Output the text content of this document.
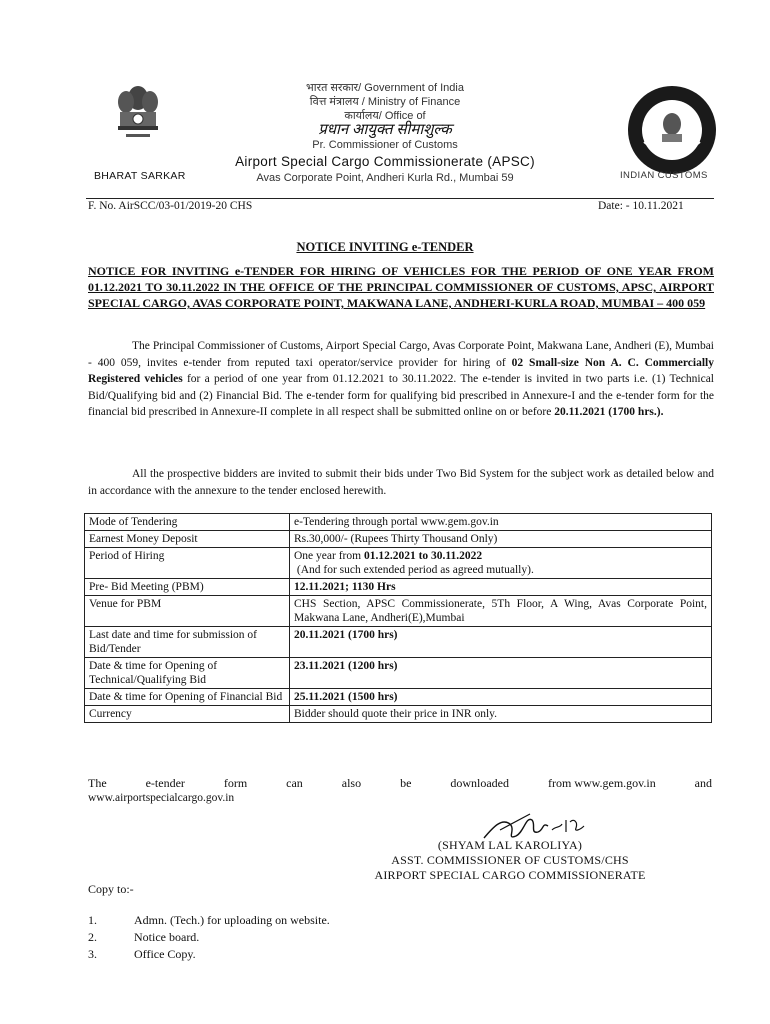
भारत सरकार/ Government of India
वित्त मंत्रालय / Ministry of Finance
कार्यालय/ Office of
प्रधान आयुक्त सीमाशुल्क
Pr. Commissioner of Customs
Airport Special Cargo Commissionerate (APSC)
Avas Corporate Point, Andheri Kurla Rd., Mumbai 59
BHARAT SARKAR	INDIAN CUSTOMS
F. No. AirSCC/03-01/2019-20 CHS	Date: - 10.11.2021
NOTICE INVITING e-TENDER
NOTICE FOR INVITING e-TENDER FOR HIRING OF VEHICLES FOR THE PERIOD OF ONE YEAR FROM 01.12.2021 TO 30.11.2022 IN THE OFFICE OF THE PRINCIPAL COMMISSIONER OF CUSTOMS, APSC, AIRPORT SPECIAL CARGO, AVAS CORPORATE POINT, MAKWANA LANE, ANDHERI-KURLA ROAD, MUMBAI – 400 059
The Principal Commissioner of Customs, Airport Special Cargo, Avas Corporate Point, Makwana Lane, Andheri (E), Mumbai - 400 059, invites e-tender from reputed taxi operator/service provider for hiring of 02 Small-size Non A. C. Commercially Registered vehicles for a period of one year from 01.12.2021 to 30.11.2022. The e-tender is invited in two parts i.e. (1) Technical Bid/Qualifying bid and (2) Financial Bid. The e-tender form for qualifying bid prescribed in Annexure-I and the e-tender form for the financial bid prescribed in Annexure-II complete in all respect shall be submitted online on or before 20.11.2021 (1700 hrs.).
All the prospective bidders are invited to submit their bids under Two Bid System for the subject work as detailed below and in accordance with the annexure to the tender enclosed herewith.
Mode of Tendering	e-Tendering through portal www.gem.gov.in
Earnest Money Deposit	Rs.30,000/- (Rupees Thirty Thousand Only)
Period of Hiring	One year from 01.12.2021 to 30.11.2022
(And for such extended period as agreed mutually).
Pre- Bid Meeting (PBM)	12.11.2021; 1130 Hrs
Venue for PBM	CHS Section, APSC Commissionerate, 5Th Floor, A Wing, Avas Corporate Point, Makwana Lane, Andheri(E),Mumbai
Last date and time for submission of Bid/Tender	20.11.2021 (1700 hrs)
Date & time for Opening of Technical/Qualifying Bid	23.11.2021 (1200 hrs)
Date & time for Opening of Financial Bid	25.11.2021 (1500 hrs)
Currency	Bidder should quote their price in INR only.
The	e-tender	form	can	also	be	downloaded	from www.gem.gov.in	and
www.airportspecialcargo.gov.in
(SHYAM LAL KAROLIYA)
ASST. COMMISSIONER OF CUSTOMS/CHS
AIRPORT SPECIAL CARGO COMMISSIONERATE
Copy to:-
1.	Admn. (Tech.) for uploading on website.
2.	Notice board.
3.	Office Copy.
